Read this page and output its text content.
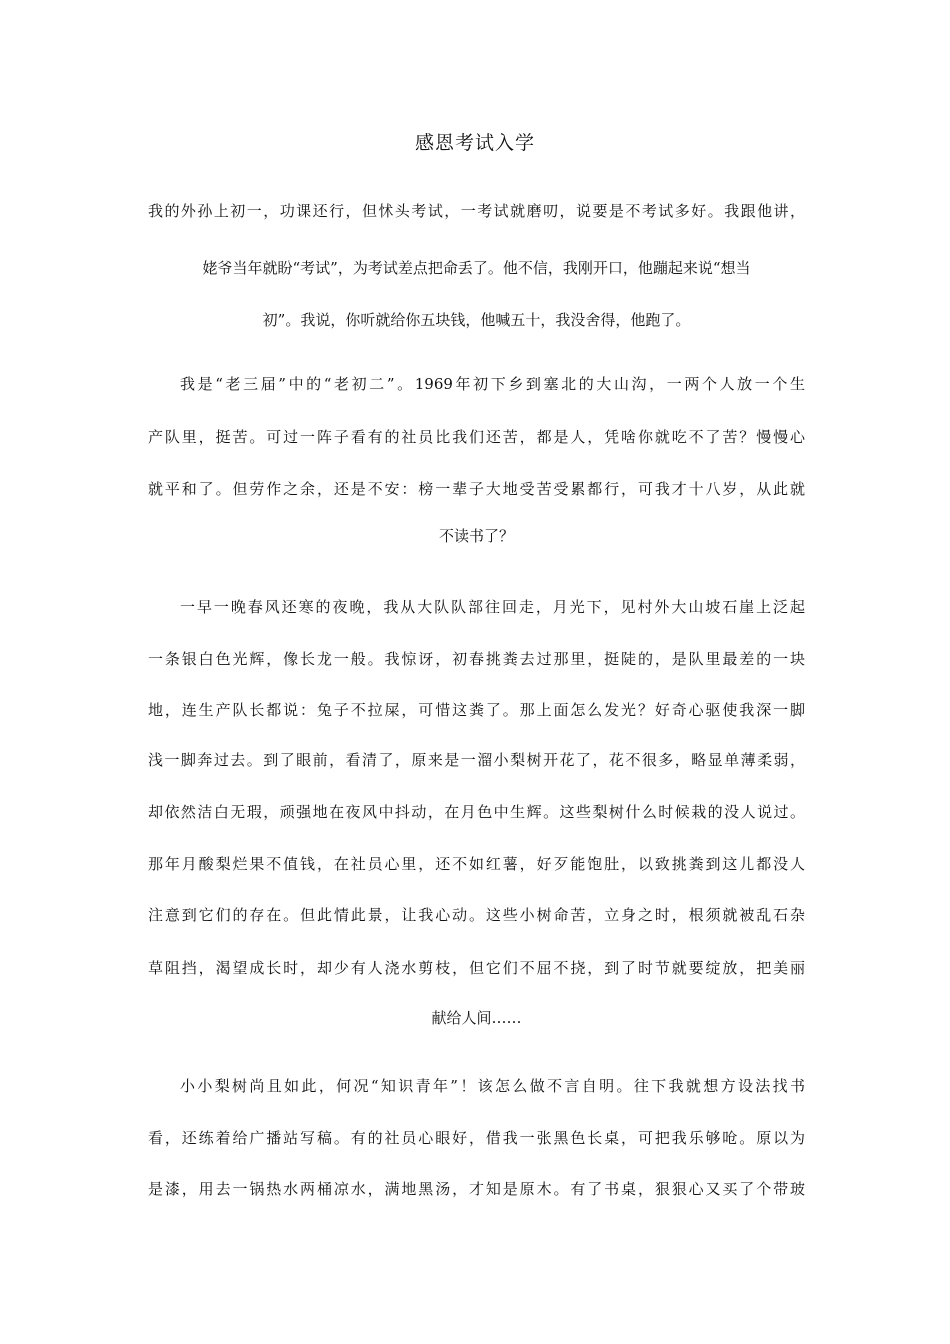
感恩考试入学
我的外孙上初一，功课还行，但怵头考试，一考试就磨叨，说要是不考试多好。我跟他讲，
姥爷当年就盼“考试”，为考试差点把命丢了。他不信，我刚开口，他蹦起来说“想当
初”。我说，你听就给你五块钱，他喊五十，我没舍得，他跑了。
我是“老三届”中的“老初二”。1969年初下乡到塞北的大山沟，一两个人放一个生
产队里，挺苦。可过一阵子看有的社员比我们还苦，都是人，凭啥你就吃不了苦？慢慢心
就平和了。但劳作之余，还是不安：榜一辈子大地受苦受累都行，可我才十八岁，从此就
不读书了？
一早一晚春风还寒的夜晚，我从大队队部往回走，月光下，见村外大山坡石崖上泛起
一条银白色光辉，像长龙一般。我惊讶，初春挑粪去过那里，挺陡的，是队里最差的一块
地，连生产队长都说：兔子不拉屎，可惜这粪了。那上面怎么发光？好奇心驱使我深一脚
浅一脚奔过去。到了眼前，看清了，原来是一溜小梨树开花了，花不很多，略显单薄柔弱，
却依然洁白无瑕，顽强地在夜风中抖动，在月色中生辉。这些梨树什么时候栽的没人说过。
那年月酸梨烂果不值钱，在社员心里，还不如红薯，好歹能饱肚，以致挑粪到这儿都没人
注意到它们的存在。但此情此景，让我心动。这些小树命苦，立身之时，根须就被乱石杂
草阻挡，渴望成长时，却少有人浇水剪枝，但它们不屈不挠，到了时节就要绽放，把美丽
献给人间……
小小梨树尚且如此，何况“知识青年”！该怎么做不言自明。往下我就想方设法找书
看，还练着给广播站写稿。有的社员心眼好，借我一张黑色长桌，可把我乐够呛。原以为
是漆，用去一锅热水两桶凉水，满地黑汤，才知是原木。有了书桌，狠狠心又买了个带玻
